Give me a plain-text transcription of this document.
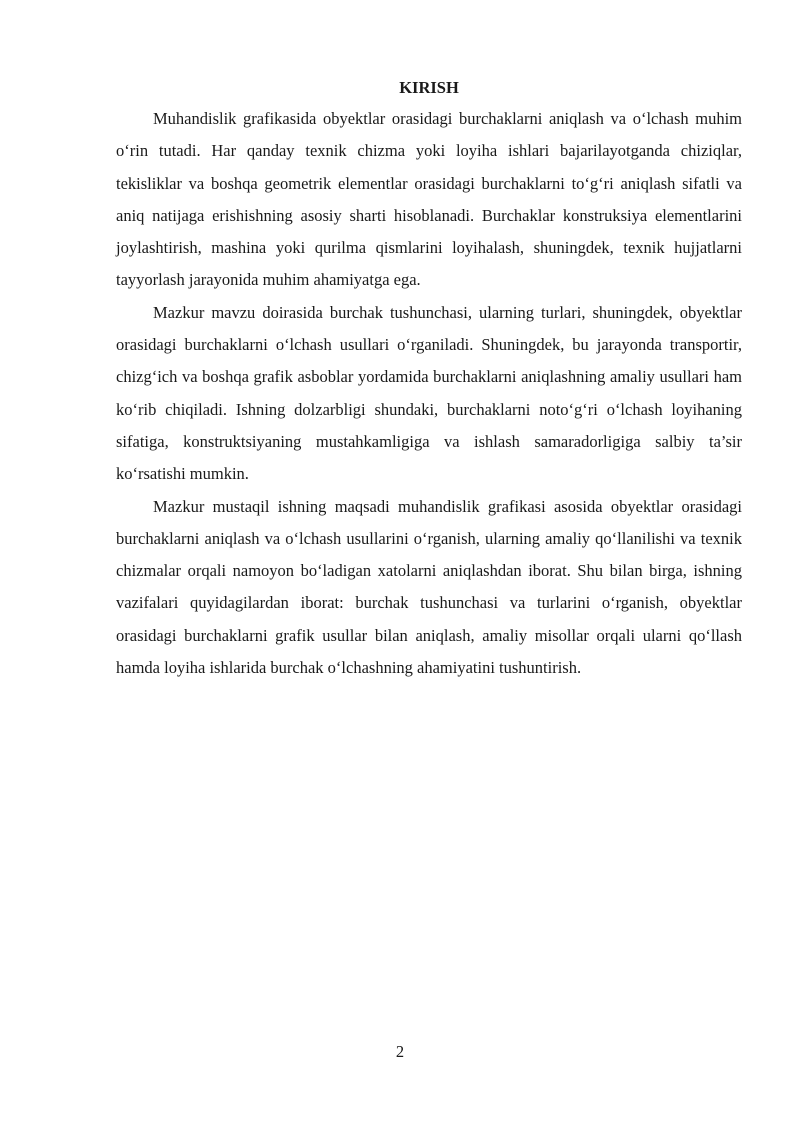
KIRISH

Muhandislik grafikasida obyektlar orasidagi burchaklarni aniqlash va o‘lchash muhim o‘rin tutadi. Har qanday texnik chizma yoki loyiha ishlari bajarilayotganda chiziqlar, tekisliklar va boshqa geometrik elementlar orasidagi burchaklarni to‘g‘ri aniqlash sifatli va aniq natijaga erishishning asosiy sharti hisoblanadi. Burchaklar konstruksiya elementlarini joylashtirish, mashina yoki qurilma qismlarini loyihalash, shuningdek, texnik hujjatlarni tayyorlash jarayonida muhim ahamiyatga ega.

Mazkur mavzu doirasida burchak tushunchasi, ularning turlari, shuningdek, obyektlar orasidagi burchaklarni o‘lchash usullari o‘rganiladi. Shuningdek, bu jarayonda transportir, chizg‘ich va boshqa grafik asboblar yordamida burchaklarni aniqlashning amaliy usullari ham ko‘rib chiqiladi. Ishning dolzarbligi shundaki, burchaklarni noto‘g‘ri o‘lchash loyihaning sifatiga, konstruktsiyaning mustahkamligiga va ishlash samaradorligiga salbiy ta’sir ko‘rsatishi mumkin.

Mazkur mustaqil ishning maqsadi muhandislik grafikasi asosida obyektlar orasidagi burchaklarni aniqlash va o‘lchash usullarini o‘rganish, ularning amaliy qo‘llanilishi va texnik chizmalar orqali namoyon bo‘ladigan xatolarni aniqlashdan iborat. Shu bilan birga, ishning vazifalari quyidagilardan iborat: burchak tushunchasi va turlarini o‘rganish, obyektlar orasidagi burchaklarni grafik usullar bilan aniqlash, amaliy misollar orqali ularni qo‘llash hamda loyiha ishlarida burchak o‘lchashning ahamiyatini tushuntirish.

2
